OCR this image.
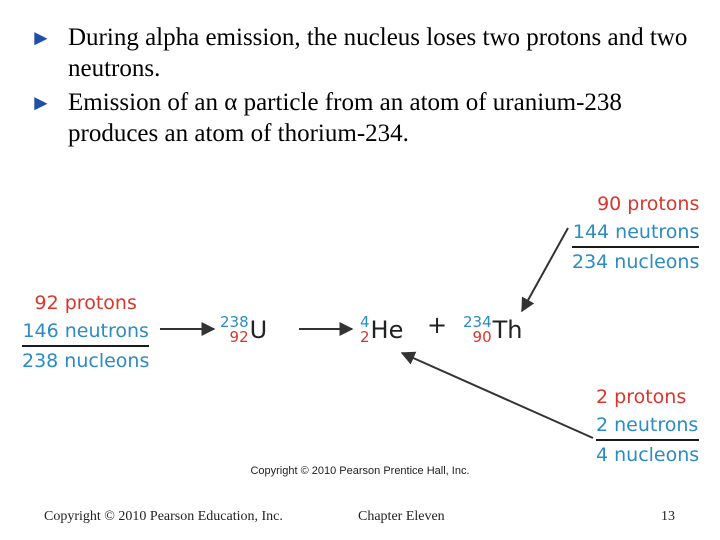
► During alpha emission, the nucleus loses two protons and two neutrons.
► Emission of an α particle from an atom of uranium-238 produces an atom of thorium-234.
92 protons
146 neutrons
238 nucleons
90 protons
144 neutrons
234 nucleons
2 protons
2 neutrons
4 nucleons
238
92 U	4
2 He + 234
90 Th
Copyright © 2010 Pearson Prentice Hall, Inc.
Copyright © 2010 Pearson Education, Inc.	Chapter Eleven	13
